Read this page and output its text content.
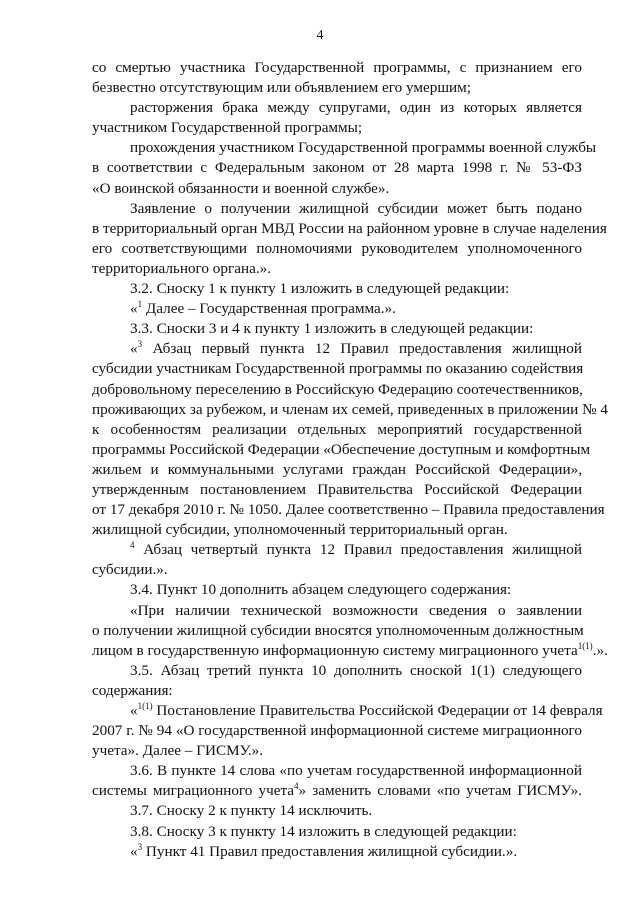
4
со смертью участника Государственной программы, с признанием его
безвестно отсутствующим или объявлением его умершим;
расторжения брака между супругами, один из которых является
участником Государственной программы;
прохождения участником Государственной программы военной службы
в соответствии с Федеральным законом от 28 марта 1998 г. № 53-ФЗ
«О воинской обязанности и военной службе».
Заявление о получении жилищной субсидии может быть подано
в территориальный орган МВД России на районном уровне в случае наделения
его соответствующими полномочиями руководителем уполномоченного
территориального органа.».
3.2. Сноску 1 к пункту 1 изложить в следующей редакции:
«$^1$ Далее – Государственная программа.».
3.3. Сноски 3 и 4 к пункту 1 изложить в следующей редакции:
«$^3$ Абзац первый пункта 12 Правил предоставления жилищной
субсидии участникам Государственной программы по оказанию содействия
добровольному переселению в Российскую Федерацию соотечественников,
проживающих за рубежом, и членам их семей, приведенных в приложении № 4
к особенностям реализации отдельных мероприятий государственной
программы Российской Федерации «Обеспечение доступным и комфортным
жильем и коммунальными услугами граждан Российской Федерации»,
утвержденным постановлением Правительства Российской Федерации
от 17 декабря 2010 г. № 1050. Далее соответственно – Правила предоставления
жилищной субсидии, уполномоченный территориальный орган.
$^4$ Абзац четвертый пункта 12 Правил предоставления жилищной
субсидии.».
3.4. Пункт 10 дополнить абзацем следующего содержания:
«При наличии технической возможности сведения о заявлении
о получении жилищной субсидии вносятся уполномоченным должностным
лицом в государственную информационную систему миграционного учета$^{1(1)}$.».
3.5. Абзац третий пункта 10 дополнить сноской 1(1) следующего
содержания:
«$^{1(1)}$ Постановление Правительства Российской Федерации от 14 февраля
2007 г. № 94 «О государственной информационной системе миграционного
учета». Далее – ГИСМУ.».
3.6. В пункте 14 слова «по учетам государственной информационной
системы миграционного учета$^4$» заменить словами «по учетам ГИСМУ».
3.7. Сноску 2 к пункту 14 исключить.
3.8. Сноску 3 к пункту 14 изложить в следующей редакции:
«$^3$ Пункт 41 Правил предоставления жилищной субсидии.».
